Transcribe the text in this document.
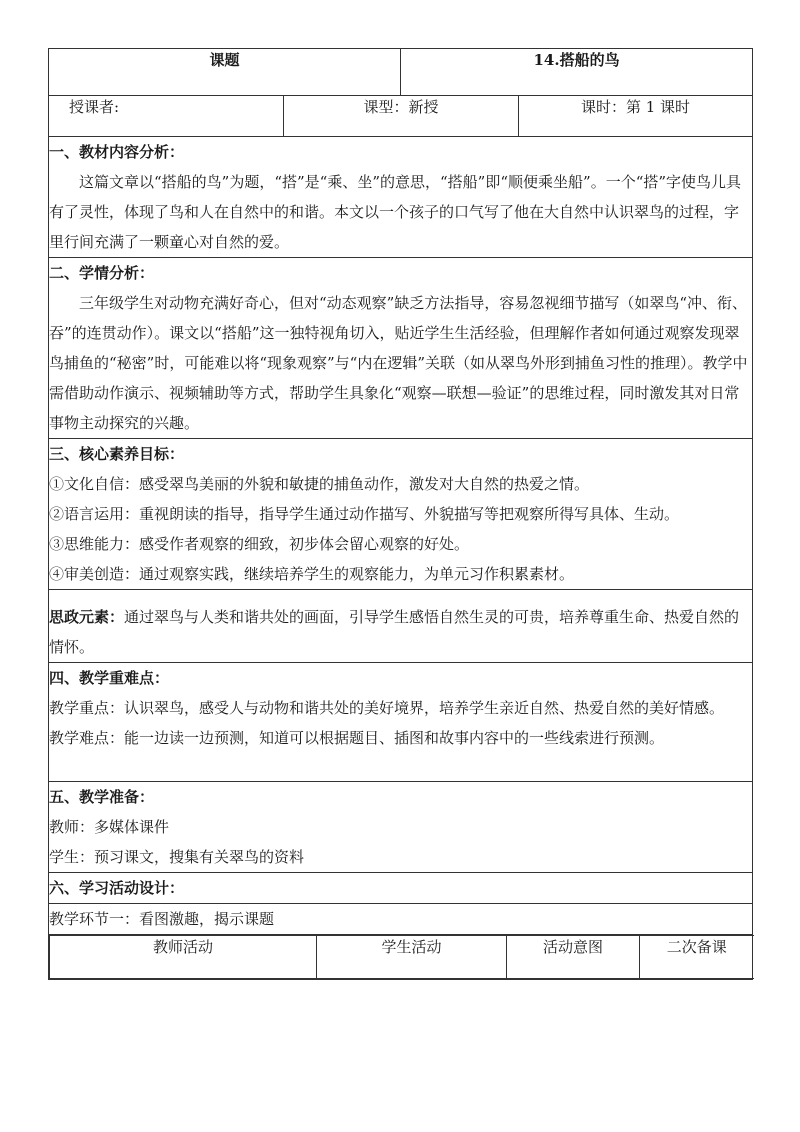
课题	14.搭船的鸟
授课者:	课型：新授	课时：第 1 课时

一、教材内容分析：

这篇文章以“搭船的鸟”为题，“搭”是“乘、坐”的意思，“搭船”即“顺便乘坐船”。一个“搭”字使鸟儿具有了灵性，体现了鸟和人在自然中的和谐。本文以一个孩子的口气写了他在大自然中认识翠鸟的过程，字里行间充满了一颗童心对自然的爱。

二、学情分析：

三年级学生对动物充满好奇心，但对“动态观察”缺乏方法指导，容易忽视细节描写（如翠鸟“冲、衔、吞”的连贯动作）。课文以“搭船”这一独特视角切入，贴近学生生活经验，但理解作者如何通过观察发现翠鸟捕鱼的“秘密”时，可能难以将“现象观察”与“内在逻辑”关联（如从翠鸟外形到捕鱼习性的推理）。教学中需借助动作演示、视频辅助等方式，帮助学生具象化“观察—联想—验证”的思维过程，同时激发其对日常事物主动探究的兴趣。

三、核心素养目标：

①文化自信：感受翠鸟美丽的外貌和敏捷的捕鱼动作，激发对大自然的热爱之情。

②语言运用：重视朗读的指导，指导学生通过动作描写、外貌描写等把观察所得写具体、生动。

③思维能力：感受作者观察的细致，初步体会留心观察的好处。

④审美创造：通过观察实践，继续培养学生的观察能力，为单元习作积累素材。

思政元素：通过翠鸟与人类和谐共处的画面，引导学生感悟自然生灵的可贵，培养尊重生命、热爱自然的情怀。

四、教学重难点：

教学重点：认识翠鸟，感受人与动物和谐共处的美好境界，培养学生亲近自然、热爱自然的美好情感。

教学难点：能一边读一边预测，知道可以根据题目、插图和故事内容中的一些线索进行预测。

五、教学准备：

教师：多媒体课件

学生：预习课文，搜集有关翠鸟的资料

六、学习活动设计：

教学环节一：看图激趣，揭示课题

教师活动	学生活动	活动意图	二次备课
